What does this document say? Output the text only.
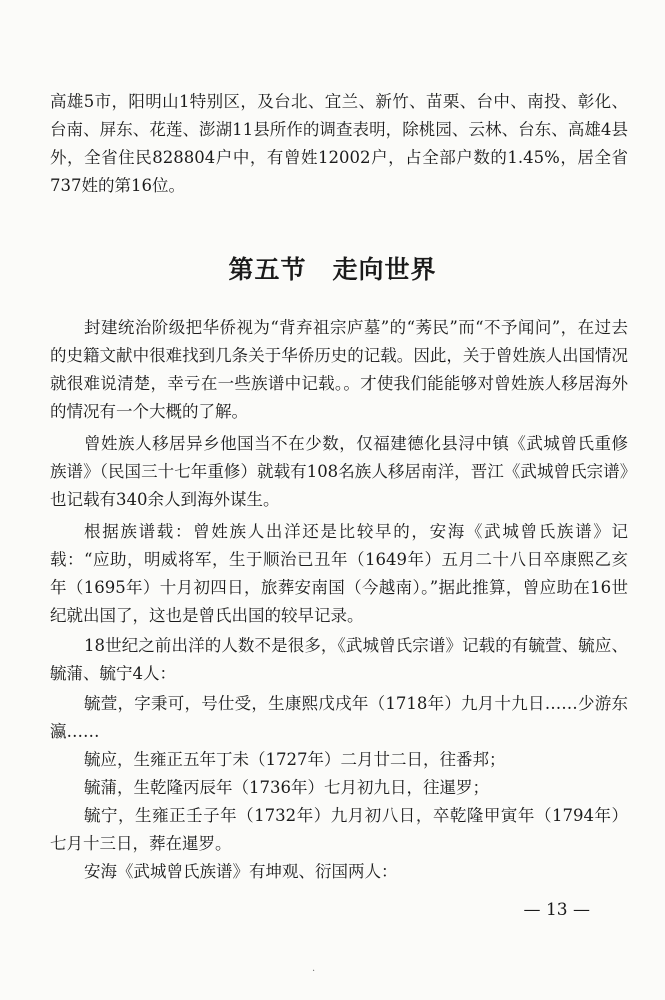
高雄5市，阳明山1特别区，及台北、宜兰、新竹、苗栗、台中、南投、彰化、台南、屏东、花莲、澎湖11县所作的调查表明，除桃园、云林、台东、高雄4县外，全省住民828804户中，有曾姓12002户，占全部户数的1.45%，居全省737姓的第16位。

第五节　走向世界

封建统治阶级把华侨视为“背弃祖宗庐墓”的“莠民”而“不予闻问”，在过去的史籍文献中很难找到几条关于华侨历史的记载。因此，关于曾姓族人出国情况就很难说清楚，幸亏在一些族谱中记载。。才使我们能能够对曾姓族人移居海外的情况有一个大概的了解。

曾姓族人移居异乡他国当不在少数，仅福建德化县浔中镇《武城曾氏重修族谱》（民国三十七年重修）就载有108名族人移居南洋，晋江《武城曾氏宗谱》也记载有340余人到海外谋生。

根据族谱载：曾姓族人出洋还是比较早的，安海《武城曾氏族谱》记载：“应助，明威将军，生于顺治已丑年（1649年）五月二十八日卒康熙乙亥年（1695年）十月初四日，旅葬安南国（今越南）。”据此推算，曾应助在16世纪就出国了，这也是曾氏出国的较早记录。

18世纪之前出洋的人数不是很多，《武城曾氏宗谱》记载的有毓萱、毓应、毓蒲、毓宁4人：

毓萱，字秉可，号仕受，生康熙戊戌年（1718年）九月十九日……少游东瀛……

毓应，生雍正五年丁未（1727年）二月廿二日，往番邦；

毓蒲，生乾隆丙辰年（1736年）七月初九日，往暹罗；

毓宁，生雍正壬子年（1732年）九月初八日，卒乾隆甲寅年（1794年）七月十三日，葬在暹罗。

安海《武城曾氏族谱》有坤观、衍国两人：

— 13 —
·
